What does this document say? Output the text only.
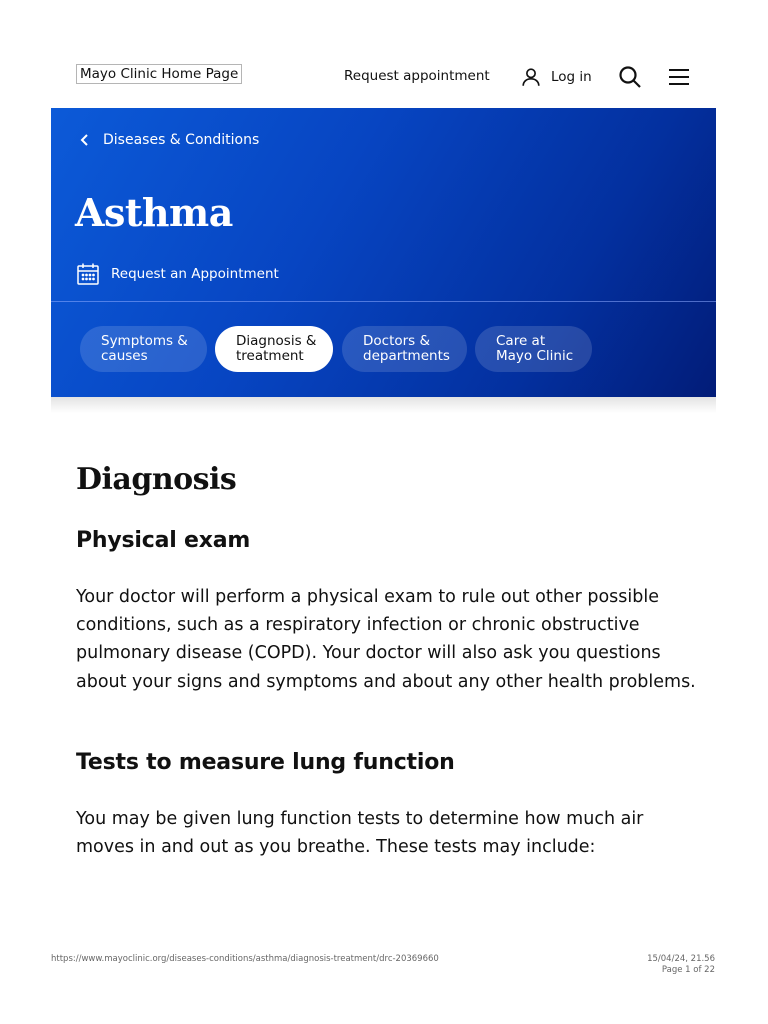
Mayo Clinic Home Page	Request appointment	Log in
Diseases & Conditions
Asthma
Request an Appointment
Symptoms &
causes
Diagnosis &
treatment
Doctors &
departments
Care at
Mayo Clinic
Diagnosis
Physical exam

Your doctor will perform a physical exam to rule out other possible conditions, such as a respiratory infection or chronic obstructive pulmonary disease (COPD). Your doctor will also ask you questions about your signs and symptoms and about any other health problems.

Tests to measure lung function

You may be given lung function tests to determine how much air moves in and out as you breathe. These tests may include:

https://www.mayoclinic.org/diseases-conditions/asthma/diagnosis-treatment/drc-20369660	15/04/24, 21.56
Page 1 of 22
